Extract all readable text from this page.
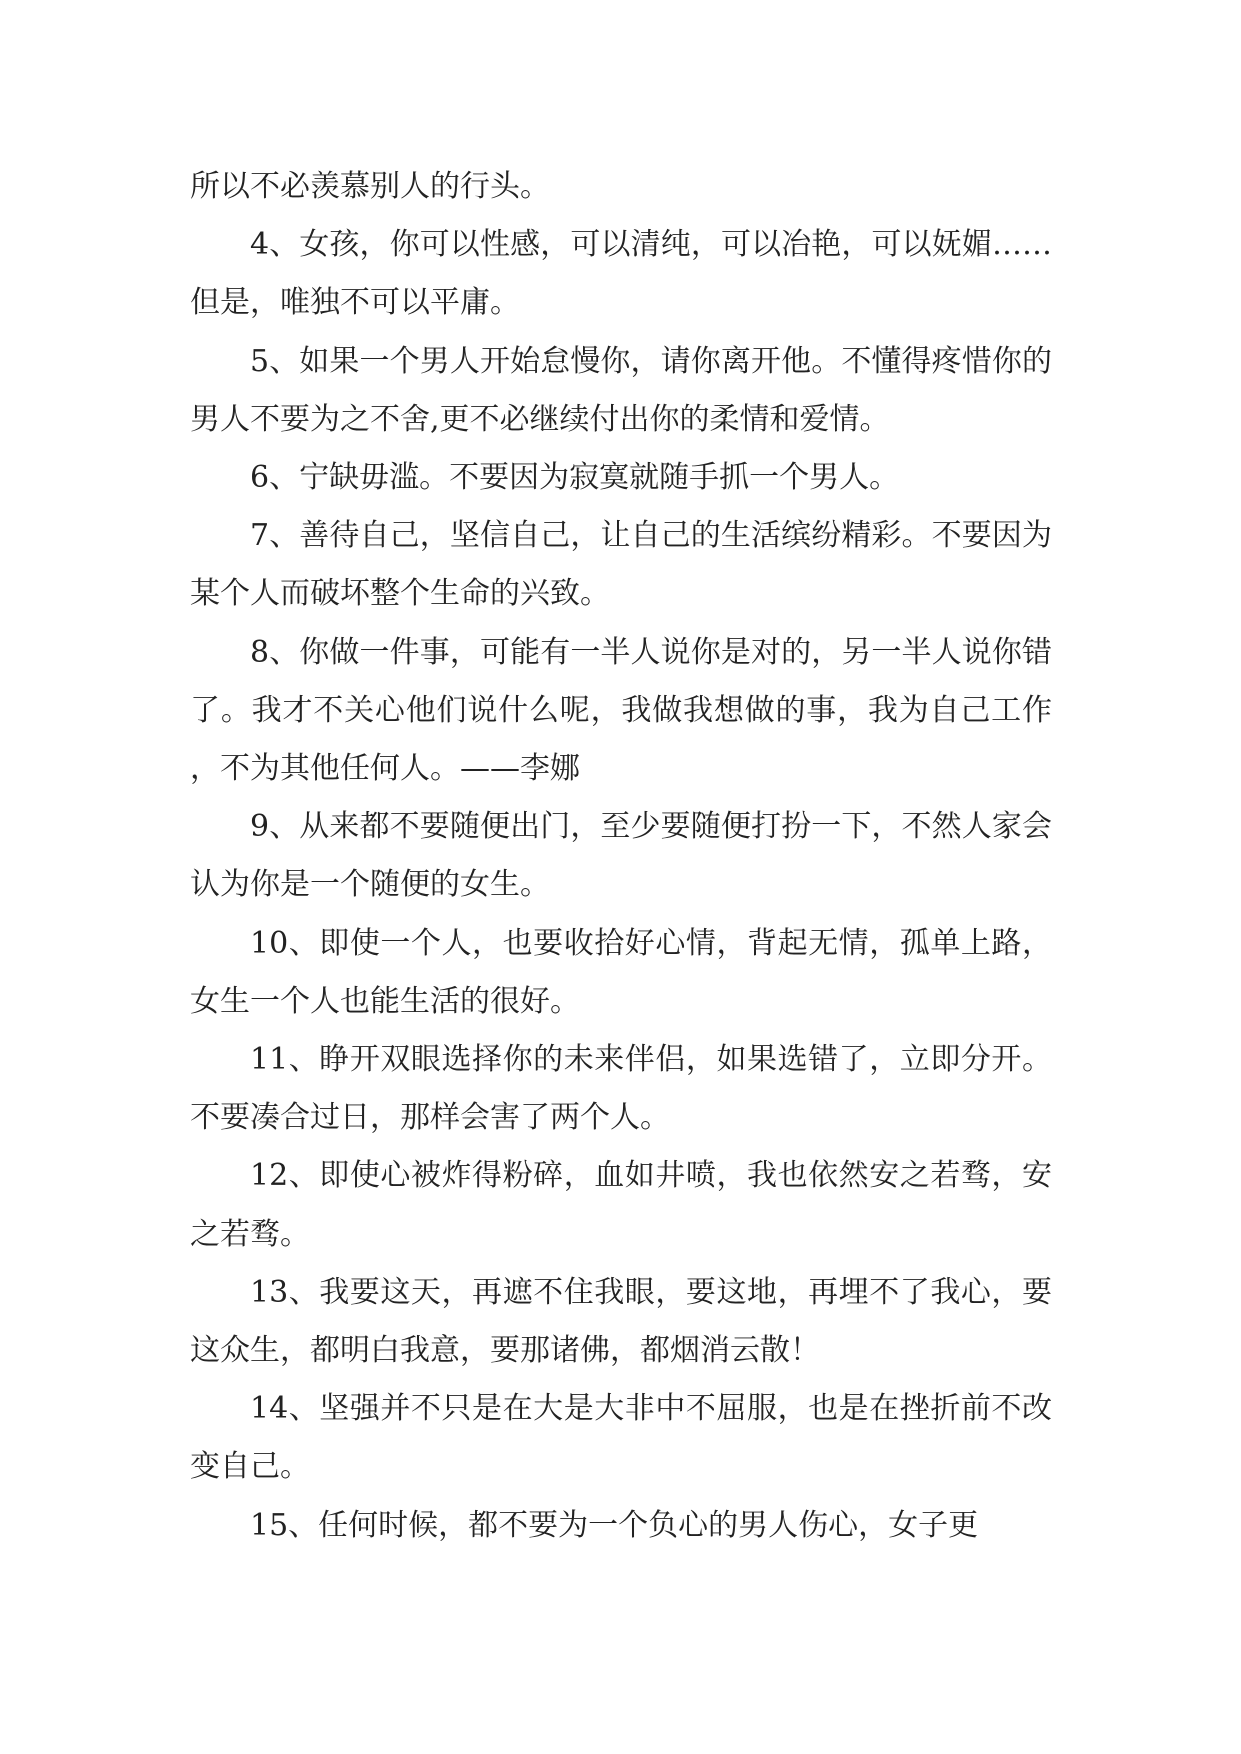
所以不必羡慕别人的行头。

4、女孩，你可以性感，可以清纯，可以冶艳，可以妩媚……但是，唯独不可以平庸。

5、如果一个男人开始怠慢你，请你离开他。不懂得疼惜你的男人不要为之不舍,更不必继续付出你的柔情和爱情。

6、宁缺毋滥。不要因为寂寞就随手抓一个男人。

7、善待自己，坚信自己，让自己的生活缤纷精彩。不要因为某个人而破坏整个生命的兴致。

8、你做一件事，可能有一半人说你是对的，另一半人说你错了。我才不关心他们说什么呢，我做我想做的事，我为自己工作，不为其他任何人。——李娜

9、从来都不要随便出门，至少要随便打扮一下，不然人家会认为你是一个随便的女生。

10、即使一个人，也要收拾好心情，背起无情，孤单上路，女生一个人也能生活的很好。

11、睁开双眼选择你的未来伴侣，如果选错了，立即分开。不要凑合过日，那样会害了两个人。

12、即使心被炸得粉碎，血如井喷，我也依然安之若骛，安之若骛。

13、我要这天，再遮不住我眼，要这地，再埋不了我心，要这众生，都明白我意，要那诸佛，都烟消云散！

14、坚强并不只是在大是大非中不屈服，也是在挫折前不改变自己。

15、任何时候，都不要为一个负心的男人伤心，女子更
